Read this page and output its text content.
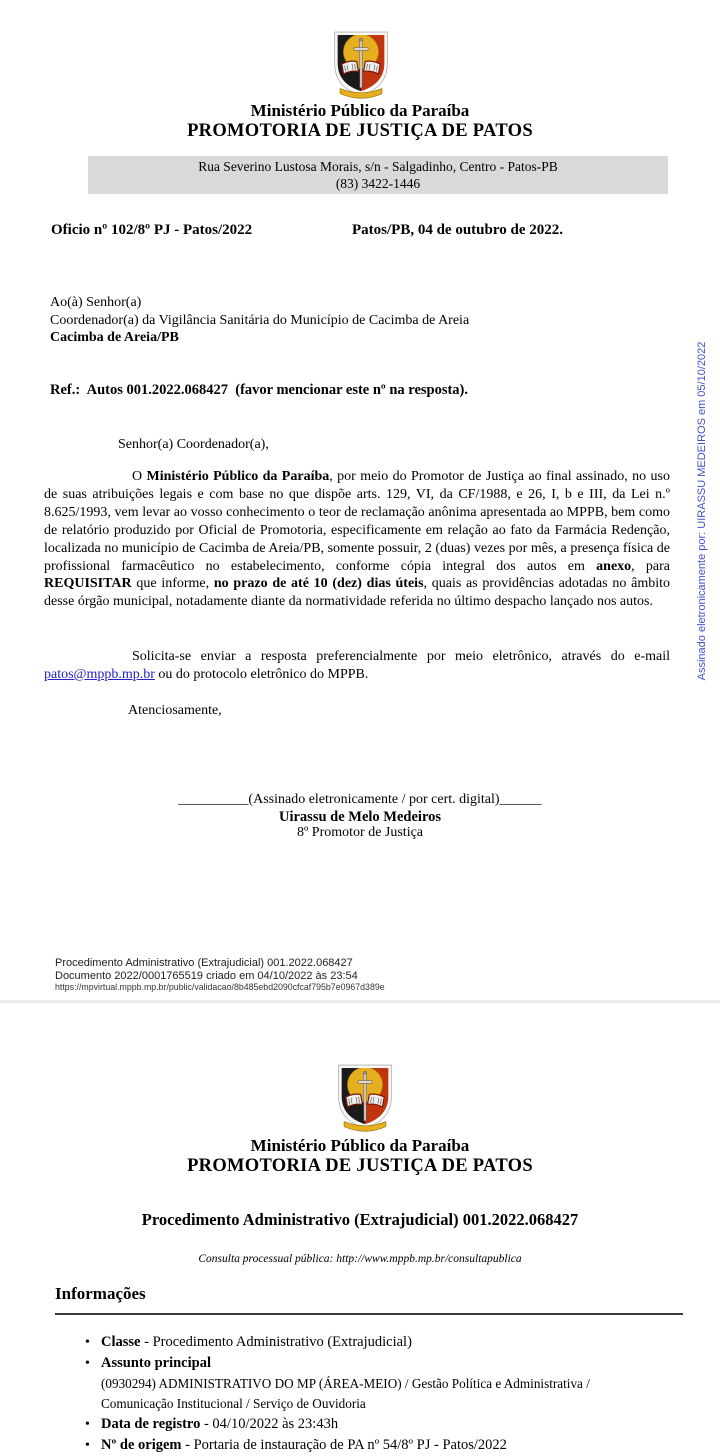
Ministério Público da Paraíba
PROMOTORIA DE JUSTIÇA DE PATOS
Rua Severino Lustosa Morais, s/n - Salgadinho, Centro - Patos-PB
(83) 3422-1446
Oficio nº 102/8º PJ - Patos/2022	Patos/PB, 04 de outubro de 2022.
Ao(à) Senhor(a)
Coordenador(a) da Vigilância Sanitária do Município de Cacimba de Areia
Cacimba de Areia/PB
Ref.:  Autos 001.2022.068427  (favor mencionar este nº na resposta).
Senhor(a) Coordenador(a),

O Ministério Público da Paraíba, por meio do Promotor de Justiça ao final assinado, no uso de suas atribuições legais e com base no que dispõe arts. 129, VI, da CF/1988, e 26, I, b e III, da Lei n.º 8.625/1993, vem levar ao vosso conhecimento o teor de reclamação anônima apresentada ao MPPB, bem como de relatório produzido por Oficial de Promotoria, especificamente em relação ao fato da Farmácia Redenção, localizada no município de Cacimba de Areia/PB, somente possuir, 2 (duas) vezes por mês, a presença física de profissional farmacêutico no estabelecimento, conforme cópia integral dos autos em anexo, para REQUISITAR que informe, no prazo de até 10 (dez) dias úteis, quais as providências adotadas no âmbito desse órgão municipal, notadamente diante da normatividade referida no último despacho lançado nos autos.

Solicita-se enviar a resposta preferencialmente por meio eletrônico, através do e-mail patos@mppb.mp.br ou do protocolo eletrônico do MPPB.

Atenciosamente,
__________(Assinado eletronicamente / por cert. digital)______
Uirassu de Melo Medeiros
8º Promotor de Justiça
Procedimento Administrativo (Extrajudicial) 001.2022.068427
Documento 2022/0001765519 criado em 04/10/2022 às 23:54
https://mpvirtual.mppb.mp.br/public/validacao/8b485ebd2090cfcaf795b7e0967d389e
Assinado eletronicamente por: UIRASSU MEDEIROS em 05/10/2022
Ministério Público da Paraíba
PROMOTORIA DE JUSTIÇA DE PATOS
Procedimento Administrativo (Extrajudicial) 001.2022.068427
Consulta processual pública: http://www.mppb.mp.br/consultapublica
Informações
• Classe - Procedimento Administrativo (Extrajudicial)
• Assunto principal
(0930294) ADMINISTRATIVO DO MP (ÁREA-MEIO) / Gestão Política e Administrativa / Comunicação Institucional / Serviço de Ouvidoria
• Data de registro - 04/10/2022 às 23:43h
• Nº de origem - Portaria de instauração de PA nº 54/8º PJ - Patos/2022
